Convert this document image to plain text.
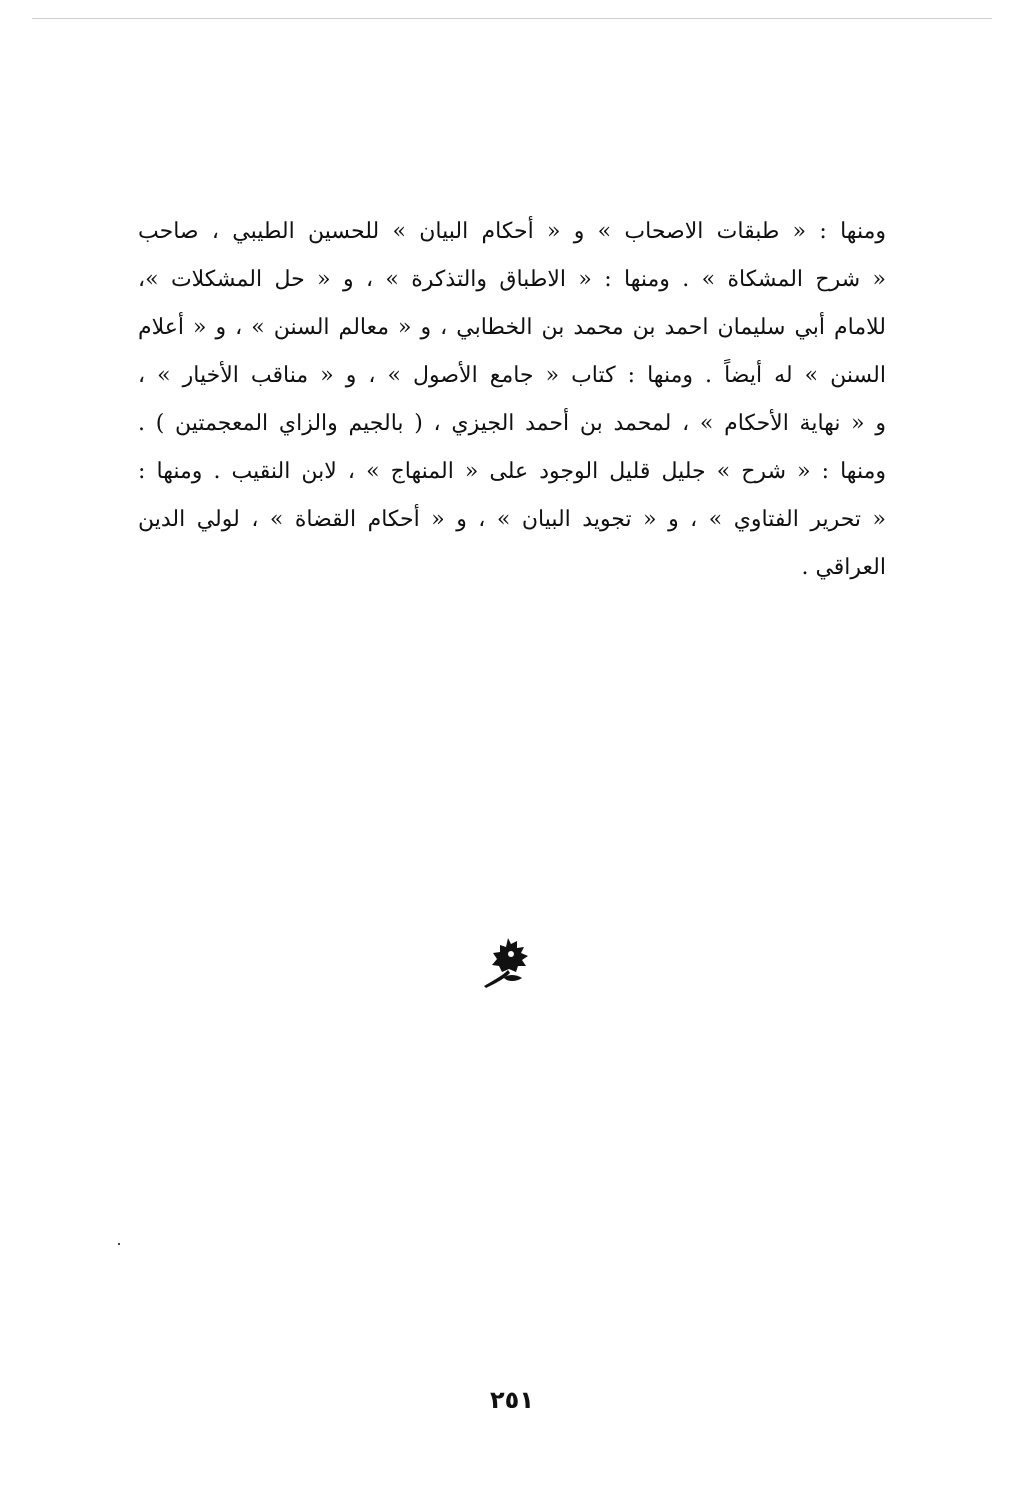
ومنها : « طبقات الاصحاب » و « أحكام البيان » للحسين الطيبي ، صاحب
« شرح المشكاة » . ومنها : « الاطباق والتذكرة » ، و « حل المشكلات »،
للامام أبي سليمان احمد بن محمد بن الخطابي ، و « معالم السنن » ، و « أعلام
السنن » له أيضاً . ومنها : كتاب « جامع الأصول » ، و « مناقب الأخيار » ،
و « نهاية الأحكام » ، لمحمد بن أحمد الجيزي ، ( بالجيم والزاي المعجمتين ) .
ومنها : « شرح » جليل قليل الوجود على « المنهاج » ، لابن النقيب . ومنها :
« تحرير الفتاوي » ، و « تجويد البيان » ، و « أحكام القضاة » ، لولي الدين
العراقي .
٢٥١
